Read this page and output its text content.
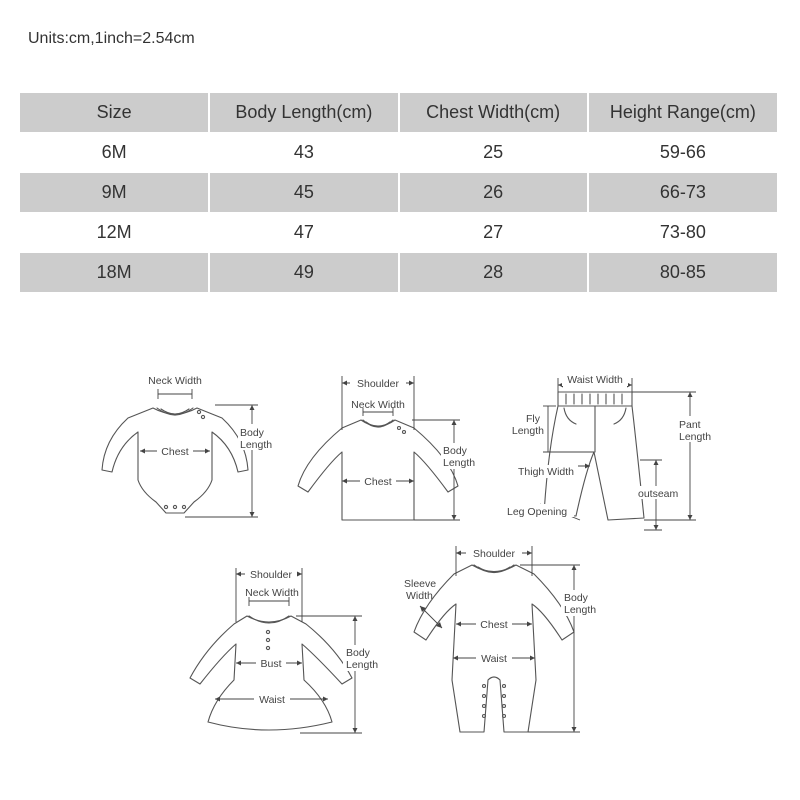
Units:cm,1inch=2.54cm
Size	Body Length(cm)	Chest Width(cm)	Height Range(cm)
6M	43	25	59-66
9M	45	26	66-73
12M	47	27	73-80
18M	49	28	80-85
Neck Width
Chest
Body
Length
Shoulder
Neck Width
Chest
Body
Length
Waist Width
Fly
Length	Pant
Length
Thigh Width
outseam
Leg Opening
Shoulder
Neck Width
Bust
Waist
Body
Length
Shoulder
Sleeve
Width
Chest
Waist
Body
Length
